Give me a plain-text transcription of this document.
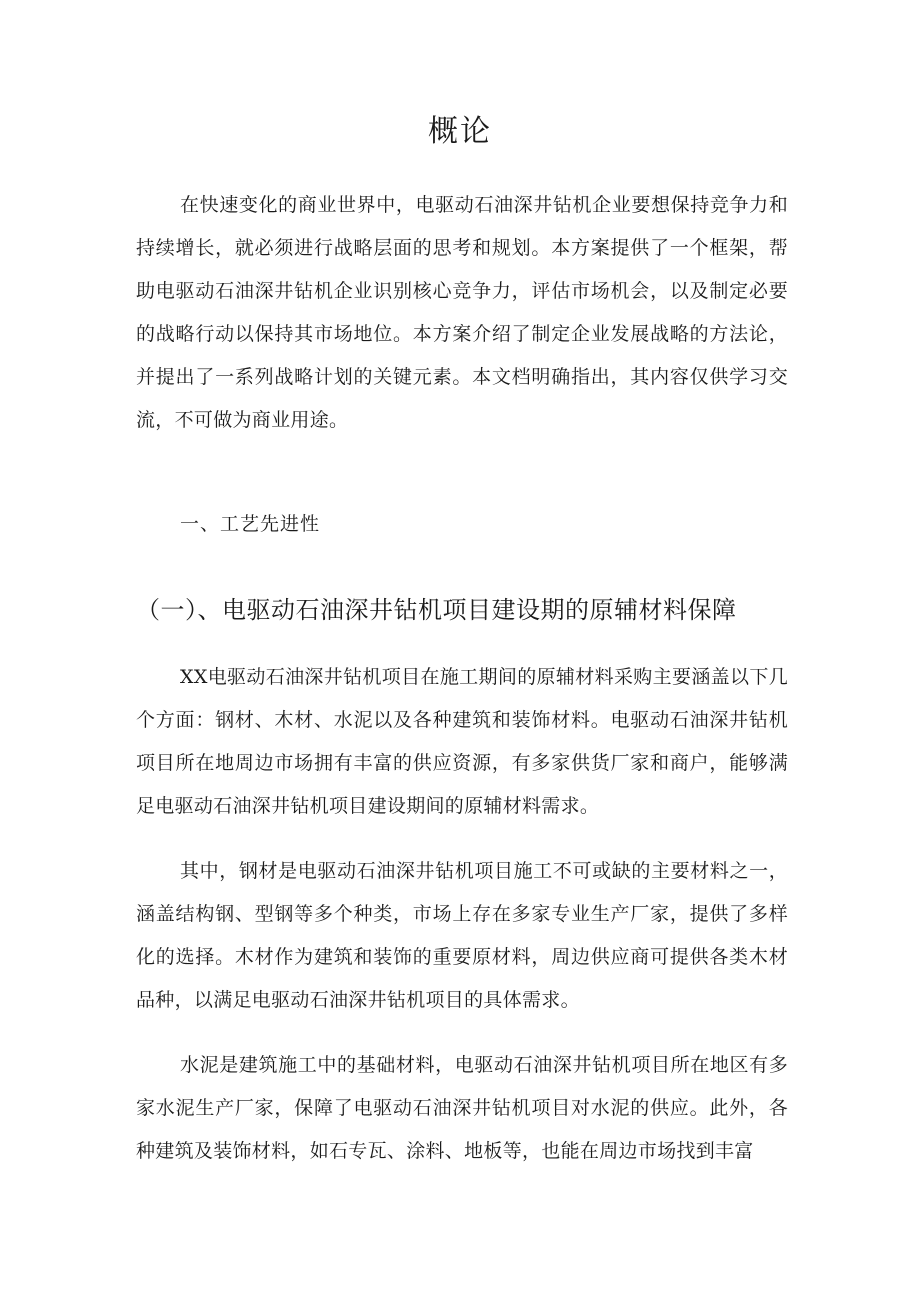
概论

在快速变化的商业世界中，电驱动石油深井钻机企业要想保持竞争力和持续增长，就必须进行战略层面的思考和规划。本方案提供了一个框架，帮助电驱动石油深井钻机企业识别核心竞争力，评估市场机会，以及制定必要的战略行动以保持其市场地位。本方案介绍了制定企业发展战略的方法论，并提出了一系列战略计划的关键元素。本文档明确指出，其内容仅供学习交流，不可做为商业用途。

一、工艺先进性
（一）、电驱动石油深井钻机项目建设期的原辅材料保障

XX电驱动石油深井钻机项目在施工期间的原辅材料采购主要涵盖以下几个方面：钢材、木材、水泥以及各种建筑和装饰材料。电驱动石油深井钻机项目所在地周边市场拥有丰富的供应资源，有多家供货厂家和商户，能够满足电驱动石油深井钻机项目建设期间的原辅材料需求。

其中，钢材是电驱动石油深井钻机项目施工不可或缺的主要材料之一，涵盖结构钢、型钢等多个种类，市场上存在多家专业生产厂家，提供了多样化的选择。木材作为建筑和装饰的重要原材料，周边供应商可提供各类木材品种，以满足电驱动石油深井钻机项目的具体需求。

水泥是建筑施工中的基础材料，电驱动石油深井钻机项目所在地区有多家水泥生产厂家，保障了电驱动石油深井钻机项目对水泥的供应。此外，各种建筑及装饰材料，如石专瓦、涂料、地板等，也能在周边市场找到丰富
